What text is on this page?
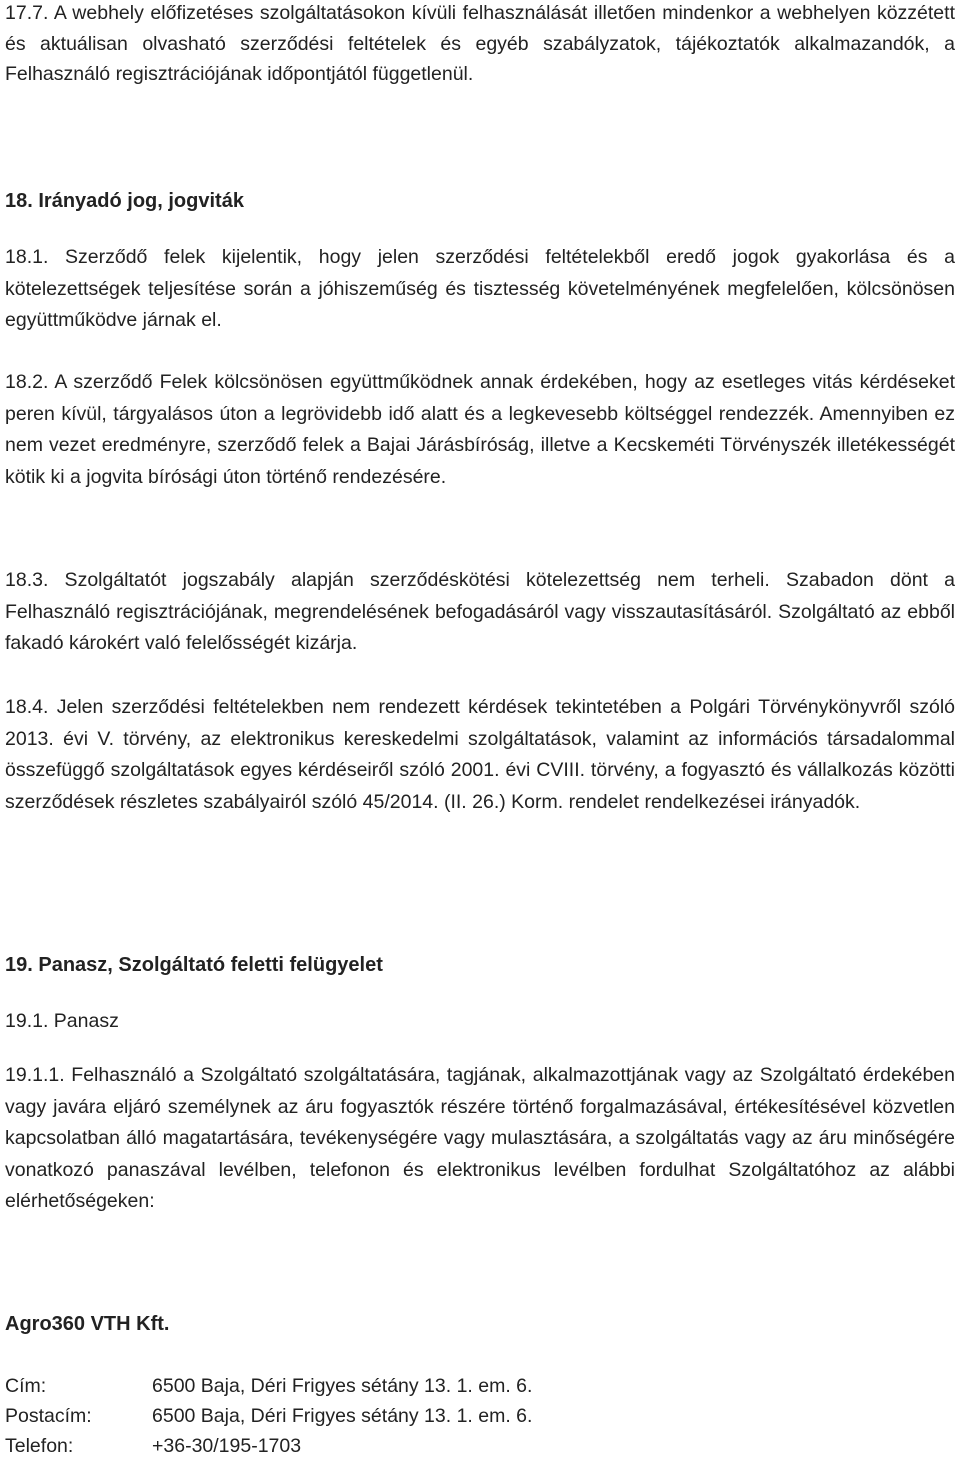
17.7. A webhely előfizetéses szolgáltatásokon kívüli felhasználását illetően mindenkor a webhelyen közzétett és aktuálisan olvasható szerződési feltételek és egyéb szabályzatok, tájékoztatók alkalmazandók, a Felhasználó regisztrációjának időpontjától függetlenül.

18. Irányadó jog, jogviták

18.1. Szerződő felek kijelentik, hogy jelen szerződési feltételekből eredő jogok gyakorlása és a kötelezettségek teljesítése során a jóhiszeműség és tisztesség követelményének megfelelően, kölcsönösen együttműködve járnak el.

18.2. A szerződő Felek kölcsönösen együttműködnek annak érdekében, hogy az esetleges vitás kérdéseket peren kívül, tárgyalásos úton a legrövidebb idő alatt és a legkevesebb költséggel rendezzék. Amennyiben ez nem vezet eredményre, szerződő felek a Bajai Járásbíróság, illetve a Kecskeméti Törvényszék illetékességét kötik ki a jogvita bírósági úton történő rendezésére.

18.3. Szolgáltatót jogszabály alapján szerződéskötési kötelezettség nem terheli. Szabadon dönt a Felhasználó regisztrációjának, megrendelésének befogadásáról vagy visszautasításáról. Szolgáltató az ebből fakadó károkért való felelősségét kizárja.

18.4. Jelen szerződési feltételekben nem rendezett kérdések tekintetében a Polgári Törvénykönyvről szóló 2013. évi V. törvény, az elektronikus kereskedelmi szolgáltatások, valamint az információs társadalommal összefüggő szolgáltatások egyes kérdéseiről szóló 2001. évi CVIII. törvény, a fogyasztó és vállalkozás közötti szerződések részletes szabályairól szóló 45/2014. (II. 26.) Korm. rendelet rendelkezései irányadók.

19. Panasz, Szolgáltató feletti felügyelet

19.1. Panasz

19.1.1. Felhasználó a Szolgáltató szolgáltatására, tagjának, alkalmazottjának vagy az Szolgáltató érdekében vagy javára eljáró személynek az áru fogyasztók részére történő forgalmazásával, értékesítésével közvetlen kapcsolatban álló magatartására, tevékenységére vagy mulasztására, a szolgáltatás vagy az áru minőségére vonatkozó panaszával levélben, telefonon és elektronikus levélben fordulhat Szolgáltatóhoz az alábbi elérhetőségeken:

Agro360 VTH Kft.

Cím:	6500 Baja, Déri Frigyes sétány 13. 1. em. 6.
Postacím:	6500 Baja, Déri Frigyes sétány 13. 1. em. 6.
Telefon:	+36-30/195-1703
